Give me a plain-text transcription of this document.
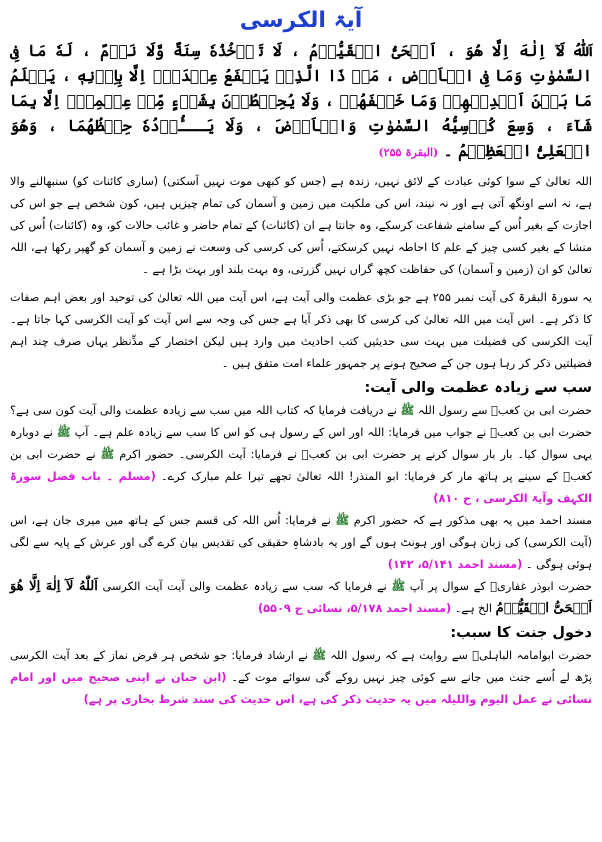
آیۃ الکرسی

اَللّٰهُ لَآ اِلٰهَ اِلَّا هُوَ ، اَلۡحَىُّ الۡقَيُّوۡمُ ، لَا تَاۡخُذُهٗ سِنَةٌ وَّلَا نَوۡمٌ ، لَهٗ مَا فِى السَّمٰوٰتِ وَمَا فِى الۡاَرۡضِ ، مَنۡ ذَا الَّذِىۡ يَشۡفَعُ عِنۡدَهٗۤ اِلَّا بِاِذۡنِهٖ ، يَعۡلَمُ مَا بَيۡنَ اَيۡدِيۡهِمۡ وَمَا خَلۡفَهُمۡ ، وَلَا يُحِيۡطُوۡنَ بِشَىۡءٍ مِّنۡ عِلۡمِهٖۤ اِلَّا بِمَا شَآءَ ، وَسِعَ كُرۡسِيُّهُ السَّمٰوٰتِ وَالۡاَرۡضَ ، وَلَا يَـــُٔوۡدُهٗ حِفۡظُهُمَا ، وَهُوَ الۡعَلِىُّ الۡعَظِيۡمُ ۔ (البقرۃ ۲۵۵)

اللہ تعالیٰ کے سوا کوئی عبادت کے لائق نہیں، زندہ ہے (جس کو کبھی موت نہیں آسکتی) (ساری کائنات کو) سنبھالنے والا ہے، نہ اسے اونگھ آتی ہے اور نہ نیند، اس کی ملکیت میں زمین و آسمان کی تمام چیزیں ہیں، کون شخص ہے جو اس کی اجازت کے بغیر اُس کے سامنے شفاعت کرسکے، وہ جانتا ہے ان (کائنات) کے تمام حاضر و غائب حالات کو، وہ (کائنات) اُس کی منشا کے بغیر کسی چیز کے علم کا احاطہ نہیں کرسکتے، اُس کی کرسی کی وسعت نے زمین و آسمان کو گھیر رکھا ہے، اللہ تعالیٰ کو ان (زمین و آسمان) کی حفاظت کچھ گراں نہیں گزرتی، وہ بہت بلند اور بہت بڑا ہے ۔

یہ سورۃ البقرۃ کی آیت نمبر ۲۵۵ ہے جو بڑی عظمت والی آیت ہے، اس آیت میں اللہ تعالیٰ کی توحید اور بعض اہم صفات کا ذکر ہے۔ اس آیت میں اللہ تعالیٰ کی کرسی کا بھی ذکر آیا ہے جس کی وجہ سے اس آیت کو آیت الکرسی کہا جاتا ہے۔ آیت الکرسی کی فضیلت میں بہت سی حدیثیں کتب احادیث میں وارد ہیں لیکن اختصار کے مدِّنظر یہاں صرف چند اہم فضیلتیں ذکر کر رہا ہوں جن کے صحیح ہونے پر جمہور علماء امت متفق ہیں ۔

سب سے زیادہ عظمت والی آیت:

حضرت ابی بن کعبؓ سے رسول اللہ ﷺ نے دریافت فرمایا کہ کتاب اللہ میں سب سے زیادہ عظمت والی آیت کون سی ہے؟ حضرت ابی بن کعبؓ نے جواب میں فرمایا: اللہ اور اس کے رسول ہی کو اس کا سب سے زیادہ علم ہے۔ آپ ﷺ نے دوبارہ یہی سوال کیا۔ بار بار سوال کرنے پر حضرت ابی بن کعبؓ نے فرمایا: آیت الکرسی۔ حضور اکرم ﷺ نے حضرت ابی بن کعبؓ کے سینے پر ہاتھ مار کر فرمایا: ابو المنذر! اللہ تعالیٰ تجھے تیرا علم مبارک کرے۔ (مسلم ۔ باب فضل سورۃ الکہف وآیۃ الکرسی ، ح ۸۱۰)

مسند احمد میں یہ بھی مذکور ہے کہ حضور اکرم ﷺ نے فرمایا: اُس اللہ کی قسم جس کے ہاتھ میں میری جان ہے، اس (آیت الکرسی) کی زبان ہوگی اور ہونٹ ہوں گے اور یہ بادشاہِ حقیقی کی تقدیس بیان کرے گی اور عرش کے پایہ سے لگی ہوئی ہوگی ۔ (مسند احمد ۵/۱۴۱، ۱۴۲)

حضرت ابوذر غفاریؓ کے سوال پر آپ ﷺ نے فرمایا کہ سب سے زیادہ عظمت والی آیت آیت الکرسی اَللّٰهُ لَآ اِلٰهَ اِلَّا هُوَ اَلۡحَىُّ الۡقَيُّوۡمُ الخ ہے۔ (مسند احمد ۵/۱۷۸، نسائی ح ۵۵۰۹)

دخول جنت کا سبب:

حضرت ابوامامہ الباہلیؓ سے روایت ہے کہ رسول اللہ ﷺ نے ارشاد فرمایا: جو شخص ہر فرض نماز کے بعد آیت الکرسی پڑھ لے اُسے جنت میں جانے سے کوئی چیز نہیں روکے گی سوائے موت کے۔ (ابن حبان نے اپنی صحیح میں اور امام نسائی نے عمل الیوم واللیلہ میں یہ حدیث ذکر کی ہے، اس حدیث کی سند شرط بخاری پر ہے)
